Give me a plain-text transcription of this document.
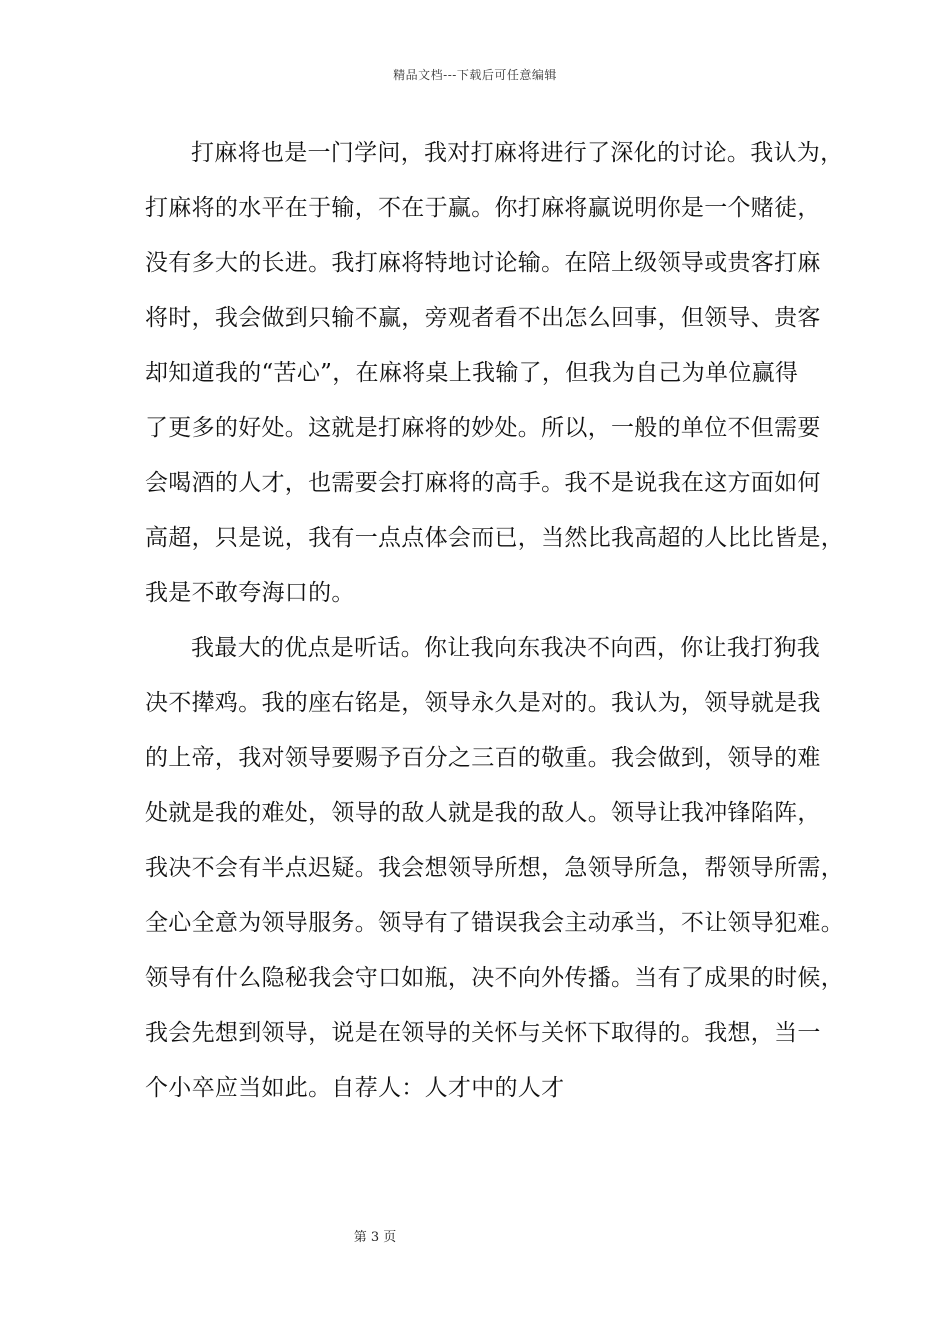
精品文档---下载后可任意编辑
打麻将也是一门学问，我对打麻将进行了深化的讨论。我认为，
打麻将的水平在于输，不在于赢。你打麻将赢说明你是一个赌徒，
没有多大的长进。我打麻将特地讨论输。在陪上级领导或贵客打麻
将时，我会做到只输不赢，旁观者看不出怎么回事，但领导、贵客
却知道我的“苦心”，在麻将桌上我输了，但我为自己为单位赢得
了更多的好处。这就是打麻将的妙处。所以，一般的单位不但需要
会喝酒的人才，也需要会打麻将的高手。我不是说我在这方面如何
高超，只是说，我有一点点体会而已，当然比我高超的人比比皆是，
我是不敢夸海口的。
我最大的优点是听话。你让我向东我决不向西，你让我打狗我
决不撵鸡。我的座右铭是，领导永久是对的。我认为，领导就是我
的上帝，我对领导要赐予百分之三百的敬重。我会做到，领导的难
处就是我的难处，领导的敌人就是我的敌人。领导让我冲锋陷阵，
我决不会有半点迟疑。我会想领导所想，急领导所急，帮领导所需，
全心全意为领导服务。领导有了错误我会主动承当，不让领导犯难。
领导有什么隐秘我会守口如瓶，决不向外传播。当有了成果的时候，
我会先想到领导，说是在领导的关怀与关怀下取得的。我想，当一
个小卒应当如此。自荐人：人才中的人才
第 3 页
